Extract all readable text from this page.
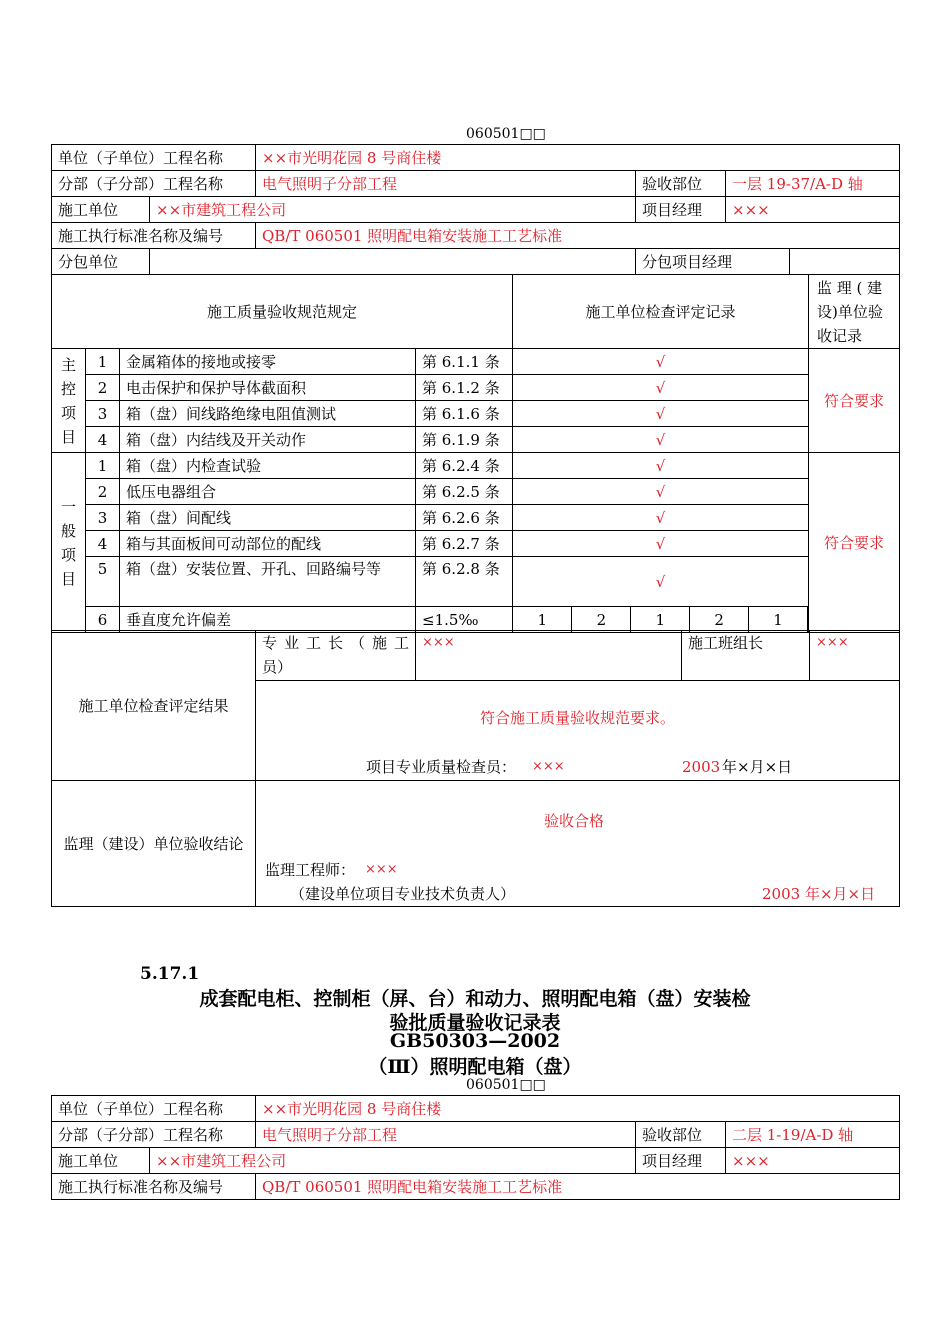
060501□□
单位（子单位）工程名称	××市光明花园 8 号商住楼		
分部（子分部）工程名称	电气照明子分部工程	验收部位	一层 19-37/A-D 轴
施工单位	××市建筑工程公司	项目经理	×××
施工执行标准名称及编号	QB/T 060501 照明配电箱安装施工工艺标准
分包单位		分包项目经理	
施工质量验收规范规定	施工单位检查评定记录	监 理 ( 建 设)单位验收记录
主控项目	1	金属箱体的接地或接零	第 6.1.1 条	√	符合要求
2	电击保护和保护导体截面积	第 6.1.2 条	√
3	箱（盘）间线路绝缘电阻值测试	第 6.1.6 条	√
4	箱（盘）内结线及开关动作	第 6.1.9 条	√
一般项目	1	箱（盘）内检查试验	第 6.2.4 条	√	符合要求
2	低压电器组合	第 6.2.5 条	√
3	箱（盘）间配线	第 6.2.6 条	√
4	箱与其面板间可动部位的配线	第 6.2.7 条	√
5	箱（盘）安装位置、开孔、回路编号等	第 6.2.8 条	√
6	垂直度允许偏差	≤1.5‰		1	2	1	2	1

施工单位检查评定结果	专 业 工 长 （ 施 工 员）	×××	施工班组长	×××
符合施工质量验收规范要求。

项目专业质量检查员： ×××	2003 年×月×日
监理（建设）单位验收结论	
验收合格
监理工程师： ×××
（建设单位项目专业技术负责人）	2003 年×月×日
5.17.1
成套配电柜、控制柜（屏、台）和动力、照明配电箱（盘）安装检
验批质量验收记录表
GB50303—2002
（Ⅲ）照明配电箱（盘）
060501□□
单位（子单位）工程名称	××市光明花园 8 号商住楼		
分部（子分部）工程名称	电气照明子分部工程	验收部位	二层 1-19/A-D 轴
施工单位	××市建筑工程公司	项目经理	×××
施工执行标准名称及编号	QB/T 060501 照明配电箱安装施工工艺标准
